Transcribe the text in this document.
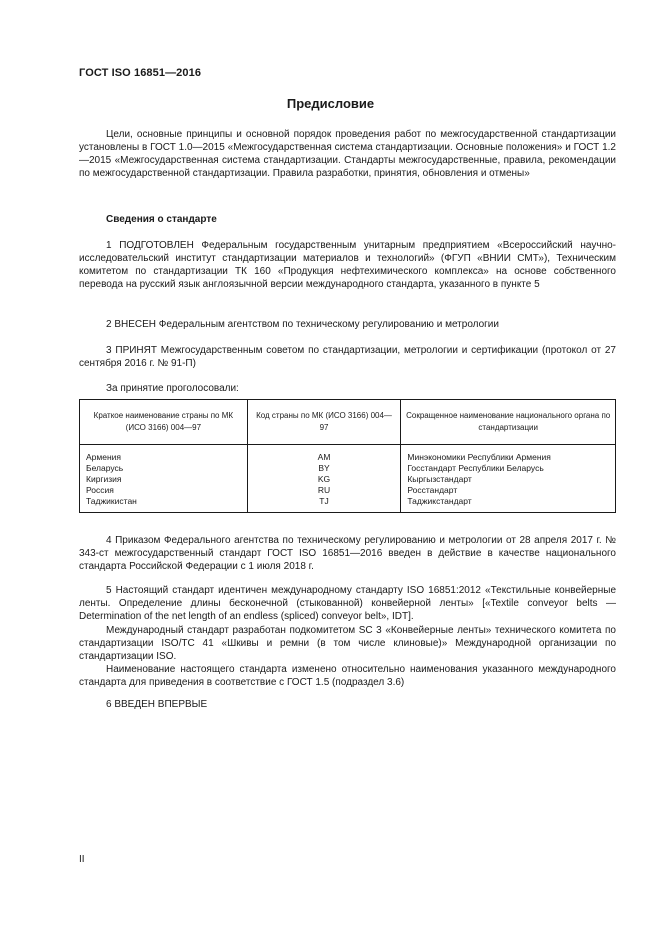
ГОСТ ISO 16851—2016
Предисловие
Цели, основные принципы и основной порядок проведения работ по межгосударственной стандартизации установлены в ГОСТ 1.0—2015 «Межгосударственная система стандартизации. Основные положения» и ГОСТ 1.2—2015 «Межгосударственная система стандартизации. Стандарты межгосударственные, правила, рекомендации по межгосударственной стандартизации. Правила разработки, принятия, обновления и отмены»
Сведения о стандарте
1 ПОДГОТОВЛЕН Федеральным государственным унитарным предприятием «Всероссийский научно-исследовательский институт стандартизации материалов и технологий» (ФГУП «ВНИИ СМТ»), Техническим комитетом по стандартизации ТК 160 «Продукция нефтехимического комплекса» на основе собственного перевода на русский язык англоязычной версии международного стандарта, указанного в пункте 5
2 ВНЕСЕН Федеральным агентством по техническому регулированию и метрологии
3 ПРИНЯТ Межгосударственным советом по стандартизации, метрологии и сертификации (протокол от 27 сентября 2016 г. № 91-П)
За принятие проголосовали:
Краткое наименование страны по МК (ИСО 3166) 004—97	Код страны по МК (ИСО 3166) 004—97	Сокращенное наименование национального органа по стандартизации
Армения	AM	Минэкономики Республики Армения
Беларусь	BY	Госстандарт Республики Беларусь
Киргизия	KG	Кыргызстандарт
Россия	RU	Росстандарт
Таджикистан	TJ	Таджикстандарт
4 Приказом Федерального агентства по техническому регулированию и метрологии от 28 апреля 2017 г. № 343-ст межгосударственный стандарт ГОСТ ISO 16851—2016 введен в действие в качестве национального стандарта Российской Федерации с 1 июля 2018 г.
5 Настоящий стандарт идентичен международному стандарту ISO 16851:2012 «Текстильные конвейерные ленты. Определение длины бесконечной (стыкованной) конвейерной ленты» [«Textile conveyor belts — Determination of the net length of an endless (spliced) conveyor belt», IDT].
Международный стандарт разработан подкомитетом SC 3 «Конвейерные ленты» технического комитета по стандартизации ISO/TC 41 «Шкивы и ремни (в том числе клиновые)» Международной организации по стандартизации ISO.
Наименование настоящего стандарта изменено относительно наименования указанного международного стандарта для приведения в соответствие с ГОСТ 1.5 (подраздел 3.6)
6 ВВЕДЕН ВПЕРВЫЕ
II
